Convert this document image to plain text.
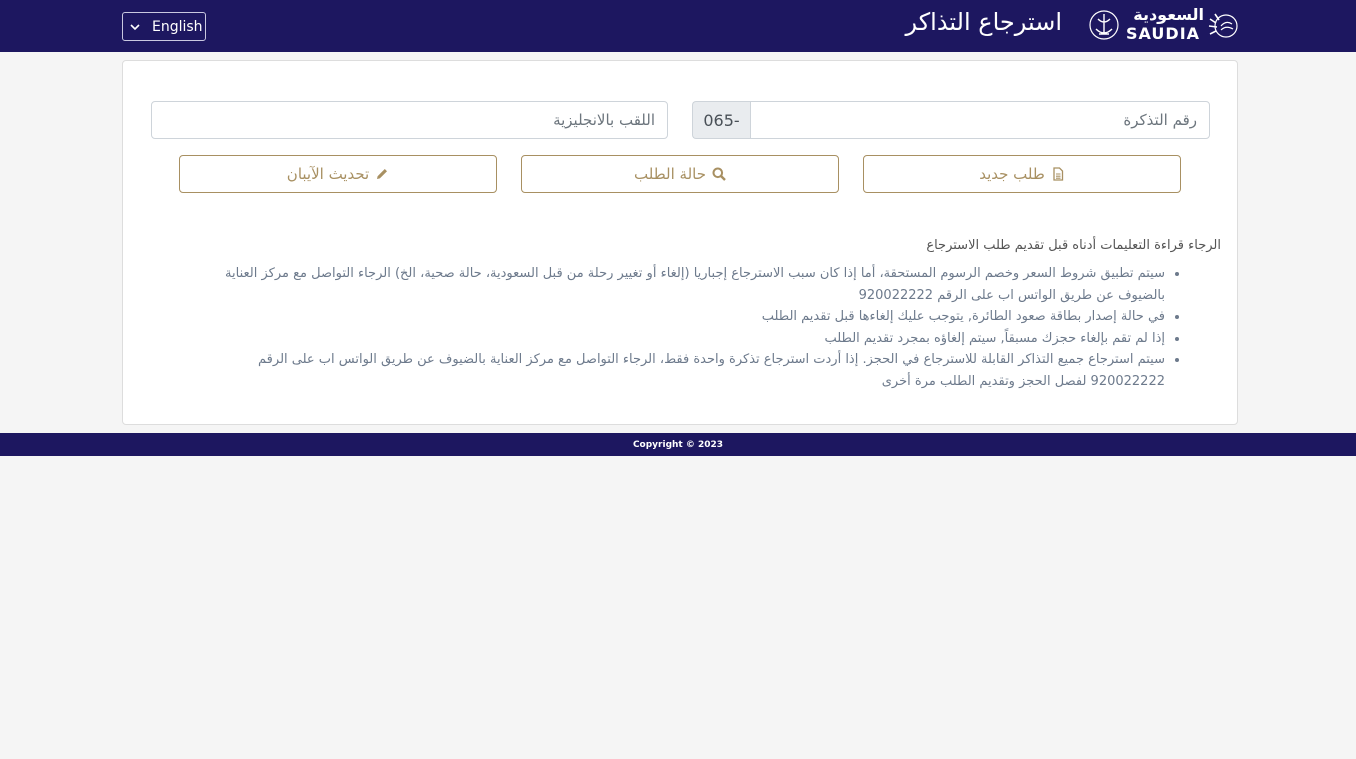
English	استرجاع التذاكر	السعودية
SAUDIA
065-
رقم التذكرة
اللقب بالانجليزية
طلب جديد
حالة الطلب
تحديث الآيبان
الرجاء قراءة التعليمات أدناه قبل تقديم طلب الاسترجاع
• سيتم تطبيق شروط السعر وخصم الرسوم المستحقة، أما إذا كان سبب الاسترجاع إجباريا (إلغاء أو تغيير رحلة من قبل السعودية، حالة صحية، الخ) الرجاء التواصل مع مركز العناية بالضيوف عن طريق الواتس اب على الرقم 920022222
• في حالة إصدار بطاقة صعود الطائرة, يتوجب عليك إلغاءها قبل تقديم الطلب
• إذا لم تقم بإلغاء حجزك مسبقاً, سيتم إلغاؤه بمجرد تقديم الطلب
• سيتم استرجاع جميع التذاكر القابلة للاسترجاع في الحجز. إذا أردت استرجاع تذكرة واحدة فقط، الرجاء التواصل مع مركز العناية بالضيوف عن طريق الواتس اب على الرقم 920022222 لفصل الحجز وتقديم الطلب مرة أخرى
Copyright © 2023
